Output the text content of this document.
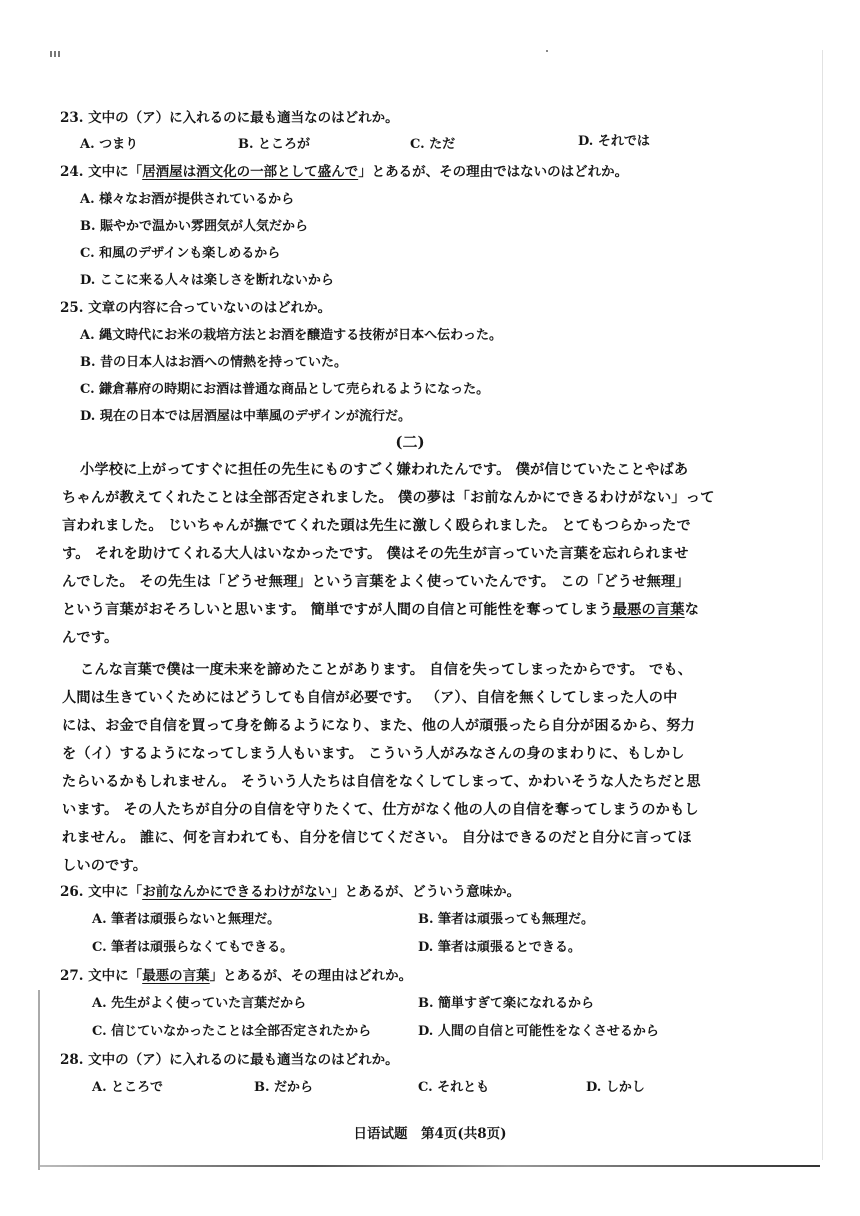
23. 文中の（ア）に入れるのに最も適当なのはどれか。
A. つまり	B. ところが	C. ただ	D. それでは
24. 文中に「居酒屋は酒文化の一部として盛んで」とあるが、その理由ではないのはどれか。
A. 様々なお酒が提供されているから
B. 賑やかで温かい雰囲気が人気だから
C. 和風のデザインも楽しめるから
D. ここに来る人々は楽しさを断れないから
25. 文章の内容に合っていないのはどれか。
A. 縄文時代にお米の栽培方法とお酒を醸造する技術が日本へ伝わった。
B. 昔の日本人はお酒への情熱を持っていた。
C. 鎌倉幕府の時期にお酒は普通な商品として売られるようになった。
D. 現在の日本では居酒屋は中華風のデザインが流行だ。
(二)
小学校に上がってすぐに担任の先生にものすごく嫌われたんです。 僕が信じていたことやばあ
ちゃんが教えてくれたことは全部否定されました。 僕の夢は「お前なんかにできるわけがない」って
言われました。 じいちゃんが撫でてくれた頭は先生に激しく殴られました。 とてもつらかったで
す。 それを助けてくれる大人はいなかったです。 僕はその先生が言っていた言葉を忘れられませ
んでした。 その先生は「どうせ無理」という言葉をよく使っていたんです。 この「どうせ無理」
という言葉がおそろしいと思います。 簡単ですが人間の自信と可能性を奪ってしまう最悪の言葉な
んです。
こんな言葉で僕は一度未来を諦めたことがあります。 自信を失ってしまったからです。 でも、
人間は生きていくためにはどうしても自信が必要です。 （ア）、自信を無くしてしまった人の中
には、お金で自信を買って身を飾るようになり、また、他の人が頑張ったら自分が困るから、努力
を（イ）するようになってしまう人もいます。 こういう人がみなさんの身のまわりに、もしかし
たらいるかもしれません。 そういう人たちは自信をなくしてしまって、かわいそうな人たちだと思
います。 その人たちが自分の自信を守りたくて、仕方がなく他の人の自信を奪ってしまうのかもし
れません。 誰に、何を言われても、自分を信じてください。 自分はできるのだと自分に言ってほ
しいのです。
26. 文中に「お前なんかにできるわけがない」とあるが、どういう意味か。
A. 筆者は頑張らないと無理だ。	B. 筆者は頑張っても無理だ。
C. 筆者は頑張らなくてもできる。	D. 筆者は頑張るとできる。
27. 文中に「最悪の言葉」とあるが、その理由はどれか。
A. 先生がよく使っていた言葉だから	B. 簡単すぎて楽になれるから
C. 信じていなかったことは全部否定されたから	D. 人間の自信と可能性をなくさせるから
28. 文中の（ア）に入れるのに最も適当なのはどれか。
A. ところで	B. だから	C. それとも	D. しかし
日语试题　第4页(共8页)
